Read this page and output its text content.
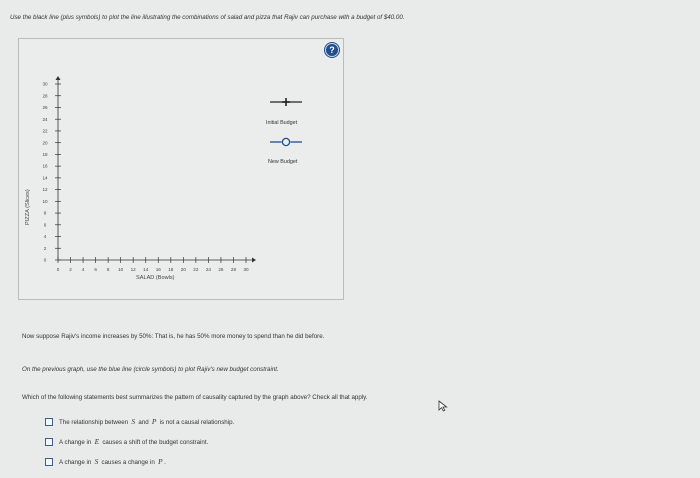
Use the black line (plus symbols) to plot the line illustrating the combinations of salad and pizza that Rajiv can purchase with a budget of $40.00.
?
0 2 4 6 8 10 12 14 16 18 20 22 24 26 28 30
0
2
4
6
8
10
12
14
16
18
20
22
24
26
28
30
PIZZA (Slices)
SALAD (Bowls)
Initial Budget
New Budget
Now suppose Rajiv's income increases by 50%: That is, he has 50% more money to spend than he did before.
On the previous graph, use the blue line (circle symbols) to plot Rajiv's new budget constraint.
Which of the following statements best summarizes the pattern of causality captured by the graph above? Check all that apply.
The relationship between S and P is not a causal relationship.
A change in E causes a shift of the budget constraint.
A change in S causes a change in P .
